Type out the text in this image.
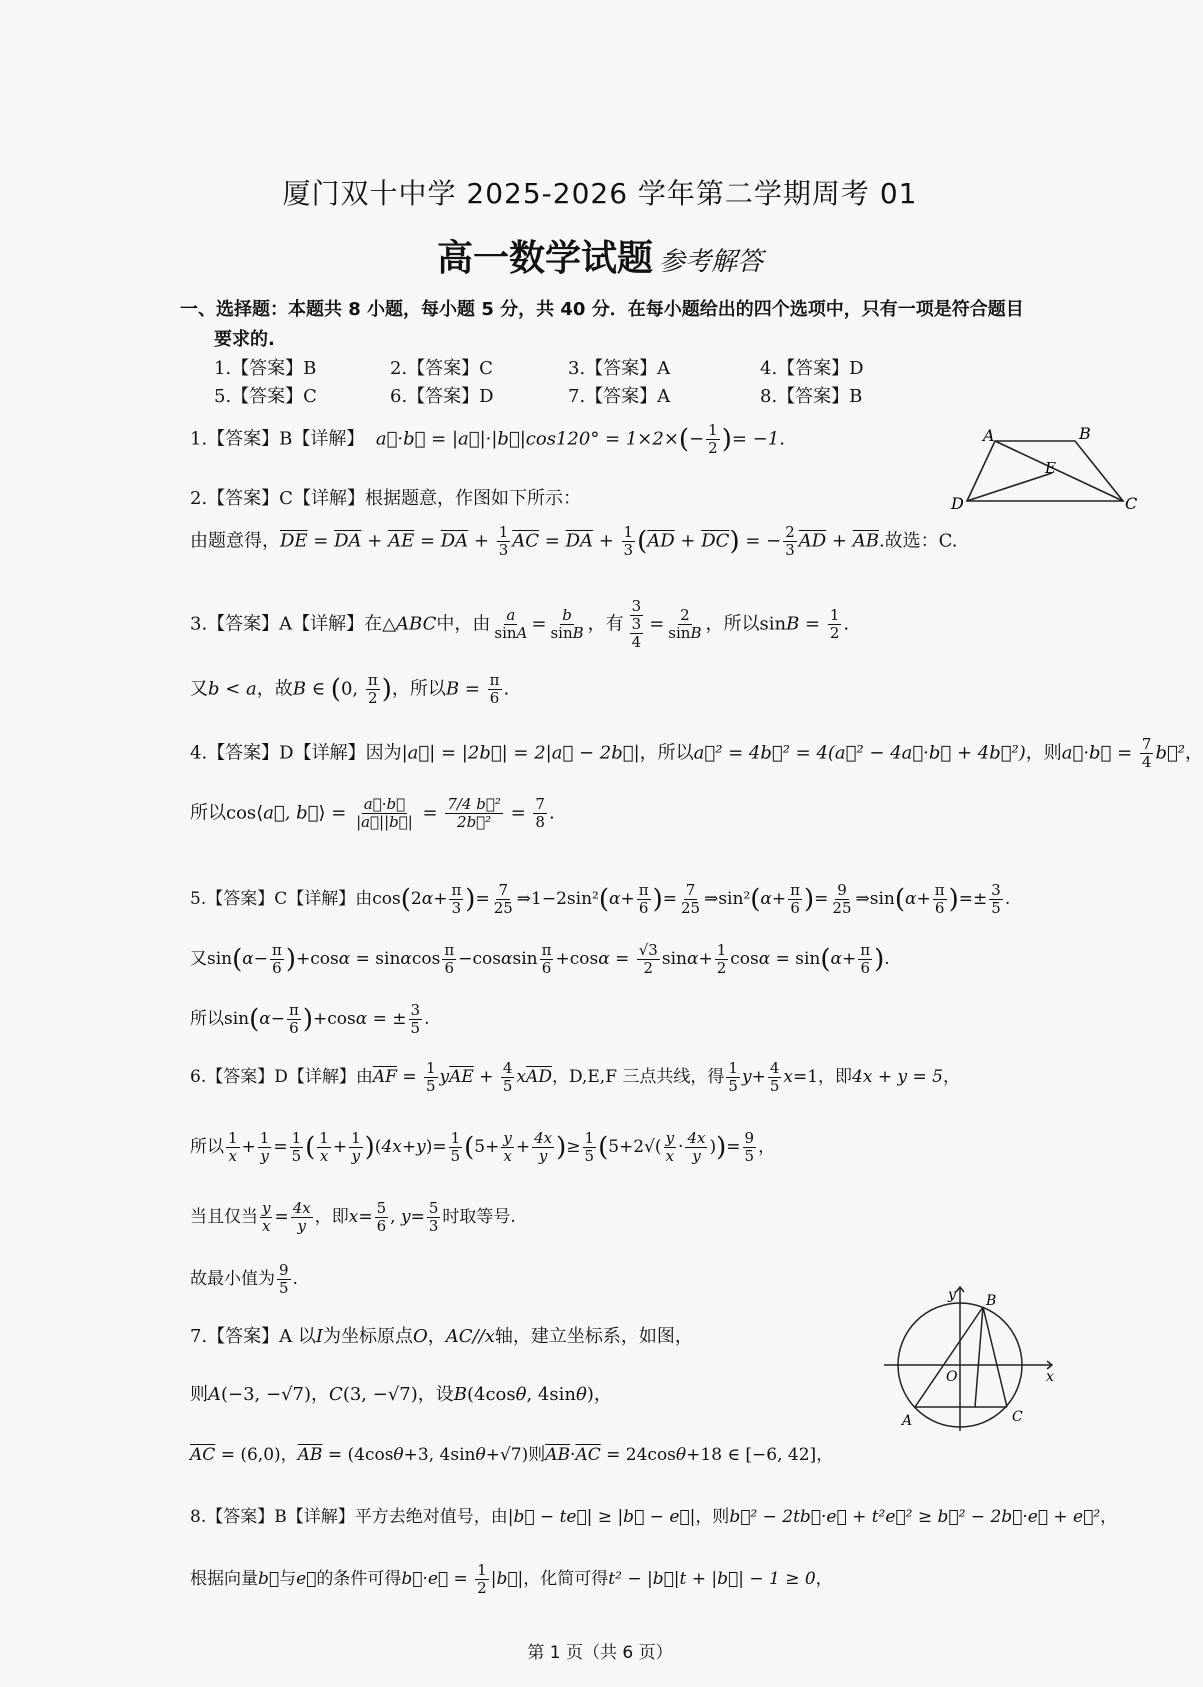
厦门双十中学 2025-2026 学年第二学期周考 01
高一数学试题 参考解答
一、选择题：本题共 8 小题，每小题 5 分，共 40 分．在每小题给出的四个选项中，只有一项是符合题目
要求的.
1.【答案】B	2.【答案】C	3.【答案】A	4.【答案】D
5.【答案】C	6.【答案】D	7.【答案】A	8.【答案】B
1.【答案】B【详解】  a⃗·b⃗ = |a⃗|·|b⃗|cos120° = $1\times 2\times(- \frac{1}{2}$ )= −1.	A	B
C
D
E
2.【答案】C【详解】根据题意，作图如下所示：
由题意得，$\overline{DE} = \overline{DA} + \overline{AE} = \overline{DA} + \frac{1}{3} \overline{AC} = \overline{DA} + \frac{1}{3} (\overline{AD} + \overline{DC})$ = − $\frac{2}{3} \overline{AD} + \overline{AB}$.故选：C.
3.【答案】A【详解】在△ABC中，由 $\frac{a}{\sin A} = \frac{b}{\sin B}$ ，有 $\frac{3}{\frac{3}{4}} = \frac{2}{\sin B}$ ，所以$\sin B = \frac{1}{2}$ .
又b < a，故B ∈ (0, $\frac{\pi}{2}$ )，所以$B = \frac{\pi}{6}$ .
4.【答案】D【详解】因为|a⃗| = |2b⃗| = 2|a⃗ − 2b⃗|，所以a⃗² = 4b⃗² = 4(a⃗² − 4a⃗·b⃗ + 4b⃗²)，则a⃗·b⃗ = $\frac{7}{4}$ b⃗²，
所以cos⟨a⃗, b⃗⟩ = $\frac{a⃗\cdot b⃗}{|a⃗||b⃗|} = \frac{\text{7/4 b⃗²}}{\text{2b⃗²}} = \frac{7}{8}$ .
5.【答案】C【详解】由$\cos(2\alpha+ \frac{\pi}{3}$ )= $\frac{7}{25}$ ⇒1−2sin²(α+ $\frac{\pi}{6}$ )= $\frac{7}{25}$ ⇒sin²(α+ $\frac{\pi}{6}$ )= $\frac{9}{25}$ ⇒sin(α+ $\frac{\pi}{6}$ )=± $\frac{3}{5}$ .
又$\sin(\alpha- \frac{\pi}{6} )+\cos\alpha = \sin\alpha\cos \frac{\pi}{6} -\cos\alpha\sin \frac{\pi}{6} +\cos\alpha = \frac{√3}{2} \sin\alpha+ \frac{1}{2}$ $\cos\alpha = \sin(\alpha+ \frac{\pi}{6}$ ).
所以$\sin(\alpha- \frac{\pi}{6} )+\cos\alpha$ = ± $\frac{3}{5}$ .
6.【答案】D【详解】由$\overline{AF} = \frac{1}{5} y\overline{AE} + \frac{4}{5} x\overline{AD}$，D,E,F 三点共线，得 $\frac{1}{5} y+ \frac{4}{5} x=1$，即4x + y = 5，
所以 $\frac{1}{x} + \frac{1}{y} = \frac{1}{5}$ ( $\frac{1}{x} + \frac{1}{y} )(4x+y)= \frac{1}{5} (5+ \frac{y}{x} + \frac{4x}{y}$ )≥ $\frac{1}{5} (5+2√( \frac{y}{x} \cdot \frac{4x}{y}$ ))= $\frac{9}{5}$ ，
当且仅当 $\frac{y}{x} = \frac{4x}{y}$ ，即$x= \frac{5}{6}$ , $y= \frac{5}{3}$ 时取等号.
故最小值为 $\frac{9}{5}$ .
y
x
O
A
B
C
7.【答案】A 以I为坐标原点O，AC//x轴，建立坐标系，如图，
则A(−3, −√7)，C(3, −√7)，设B(4cosθ, 4sinθ)，
$\overline{AC} = (6,0)$，$\overline{AB} = (4\cos\theta+3$, 4sinθ+√7)则$\overline{AB}\cdot\overline{AC} = 24\cos\theta+18$ ∈ [−6, 42]，
8.【答案】B【详解】平方去绝对值号，由|b⃗ − te⃗| ≥ |b⃗ − e⃗|，则b⃗² − 2tb⃗·e⃗ + t²e⃗² ≥ b⃗² − 2b⃗·e⃗ + e⃗²，
根据向量b⃗与e⃗的条件可得b⃗·e⃗ = $\frac{1}{2}$ |b⃗|，化简可得t² − |b⃗|t + |b⃗| − 1 ≥ 0，
第 1 页（共 6 页）
